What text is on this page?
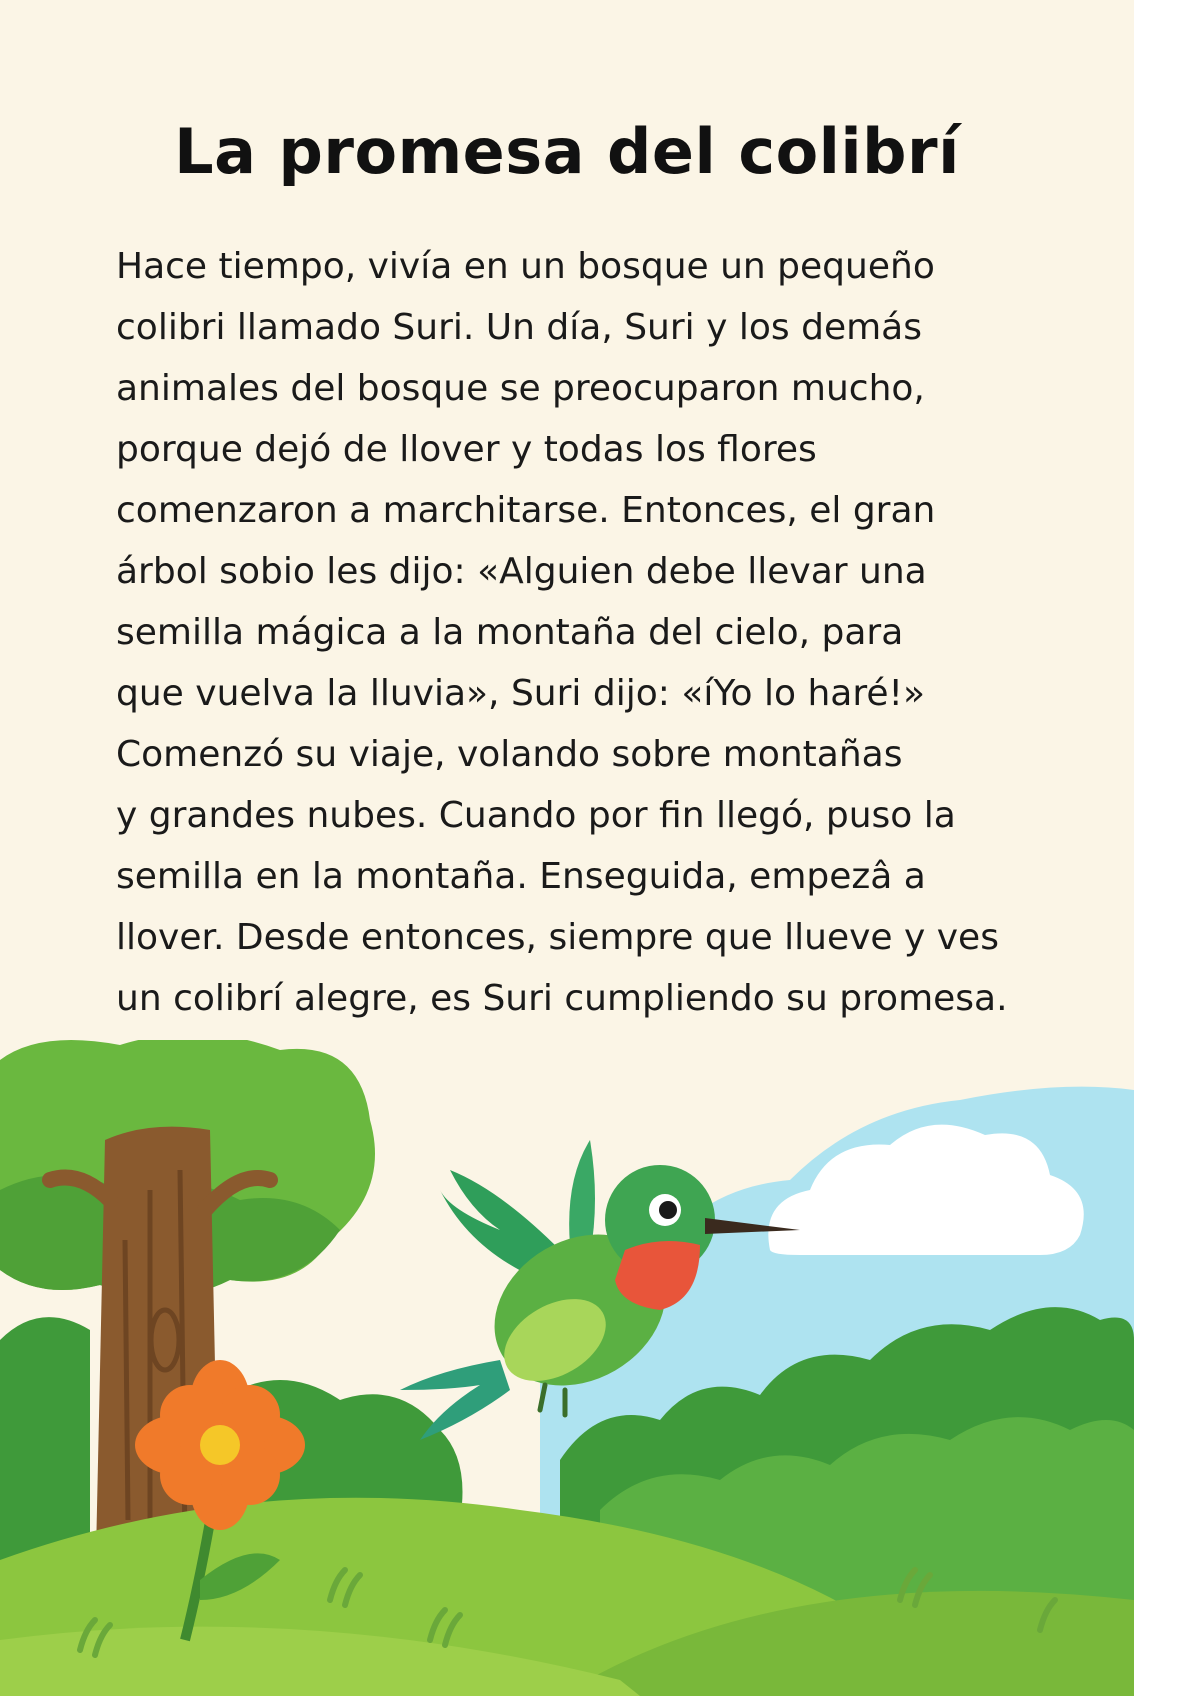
La promesa del colibrí
Hace tiempo, vivía en un bosque un pequeño
colibri llamado Suri. Un día, Suri y los demás
animales del bosque se preocuparon mucho,
porque dejó de llover y todas los flores
comenzaron a marchitarse. Entonces, el gran
árbol sobio les dijo: «Alguien debe llevar una
semilla mágica a la montaña del cielo, para
que vuelva la lluvia», Suri dijo: «íYo lo haré!»
Comenzó su viaje, volando sobre montañas
y grandes nubes. Cuando por fin llegó, puso la
semilla en la montaña. Enseguida, empezâ a
llover. Desde entonces, siempre que llueve y ves
un colibrí alegre, es Suri cumpliendo su promesa.
